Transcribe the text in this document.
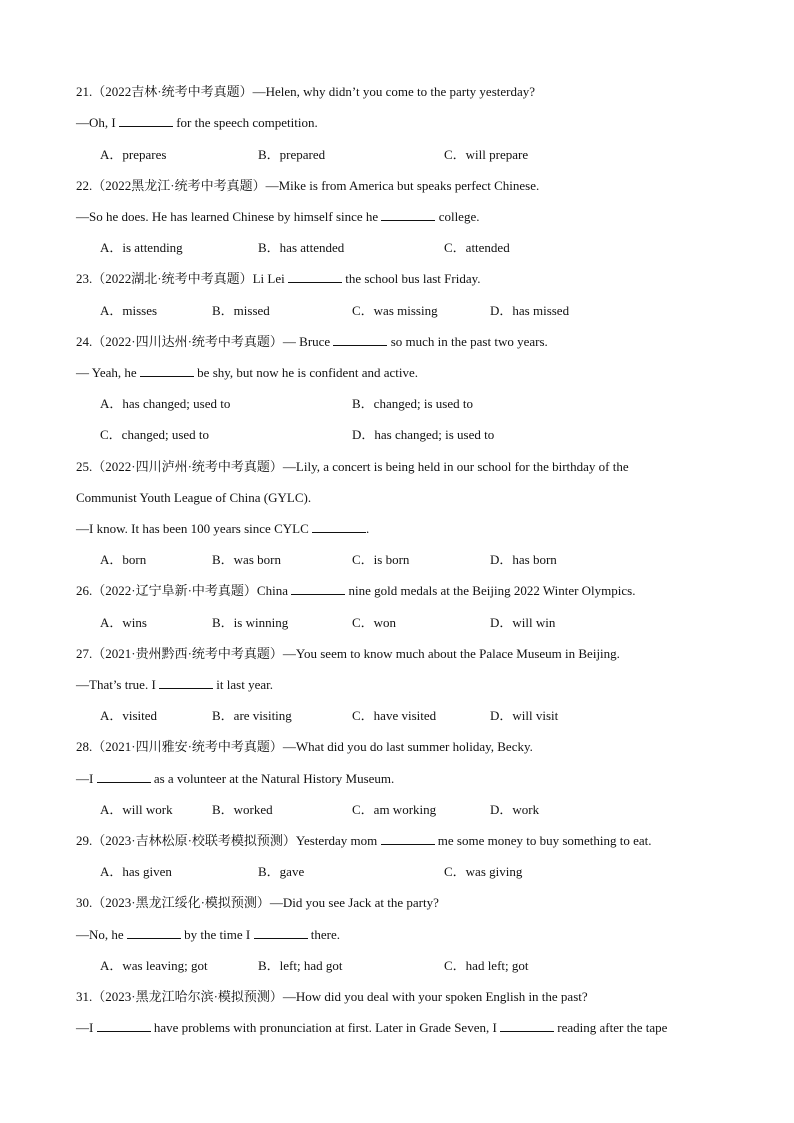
21.（2022吉林·统考中考真题）—Helen, why didn’t you come to the party yesterday?
—Oh, I	for the speech competition.
A．prepares	B．prepared	C．will prepare
22.（2022黑龙江·统考中考真题）—Mike is from America but speaks perfect Chinese.
—So he does. He has learned Chinese by himself since he	college.
A．is attending	B．has attended	C．attended
23.（2022湖北·统考中考真题）Li Lei	the school bus last Friday.
A．misses	B．missed	C．was missing	D．has missed
24.（2022·四川达州·统考中考真题）— Bruce	so much in the past two years.
— Yeah, he	be shy, but now he is confident and active.
A．has changed; used to	B．changed; is used to
C．changed; used to	D．has changed; is used to
25.（2022·四川泸州·统考中考真题）—Lily, a concert is being held in our school for the birthday of the
Communist Youth League of China (GYLC).
—I know. It has been 100 years since CYLC	.
A．born	B．was born	C．is born	D．has born
26.（2022·辽宁阜新·中考真题）China	nine gold medals at the Beijing 2022 Winter Olympics.
A．wins	B．is winning	C．won	D．will win
27.（2021·贵州黔西·统考中考真题）—You seem to know much about the Palace Museum in Beijing.
—That’s true. I	it last year.
A．visited	B．are visiting	C．have visited	D．will visit
28.（2021·四川雅安·统考中考真题）—What did you do last summer holiday, Becky.
—I	as a volunteer at the Natural History Museum.
A．will work	B．worked	C．am working	D．work
29.（2023·吉林松原·校联考模拟预测）Yesterday mom	me some money to buy something to eat.
A．has given	B．gave	C．was giving
30.（2023·黑龙江绥化·模拟预测）—Did you see Jack at the party?
—No, he	by the time I	there.
A．was leaving; got	B．left; had got	C．had left; got
31.（2023·黑龙江哈尔滨·模拟预测）—How did you deal with your spoken English in the past?
—I	have problems with pronunciation at first. Later in Grade Seven, I	reading after the tape
